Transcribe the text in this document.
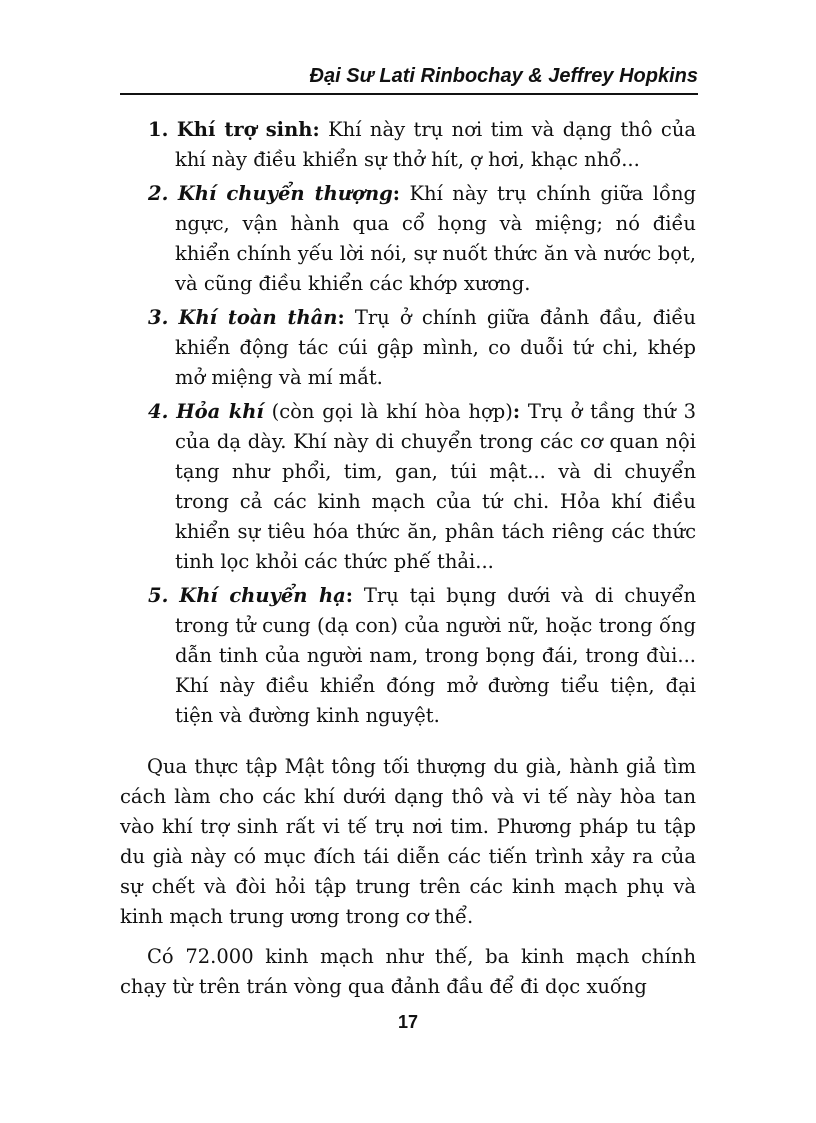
Đại Sư Lati Rinbochay & Jeffrey Hopkins

1. Khí trợ sinh: Khí này trụ nơi tim và dạng thô của khí này điều khiển sự thở hít, ợ hơi, khạc nhổ...

2. Khí chuyển thượng: Khí này trụ chính giữa lồng ngực, vận hành qua cổ họng và miệng; nó điều khiển chính yếu lời nói, sự nuốt thức ăn và nước bọt, và cũng điều khiển các khớp xương.

3. Khí toàn thân: Trụ ở chính giữa đảnh đầu, điều khiển động tác cúi gập mình, co duỗi tứ chi, khép mở miệng và mí mắt.

4. Hỏa khí (còn gọi là khí hòa hợp): Trụ ở tầng thứ 3 của dạ dày. Khí này di chuyển trong các cơ quan nội tạng như phổi, tim, gan, túi mật... và di chuyển trong cả các kinh mạch của tứ chi. Hỏa khí điều khiển sự tiêu hóa thức ăn, phân tách riêng các thức tinh lọc khỏi các thức phế thải...

5. Khí chuyển hạ: Trụ tại bụng dưới và di chuyển trong tử cung (dạ con) của người nữ, hoặc trong ống dẫn tinh của người nam, trong bọng đái, trong đùi... Khí này điều khiển đóng mở đường tiểu tiện, đại tiện và đường kinh nguyệt.

Qua thực tập Mật tông tối thượng du già, hành giả tìm cách làm cho các khí dưới dạng thô và vi tế này hòa tan vào khí trợ sinh rất vi tế trụ nơi tim. Phương pháp tu tập du già này có mục đích tái diễn các tiến trình xảy ra của sự chết và đòi hỏi tập trung trên các kinh mạch phụ và kinh mạch trung ương trong cơ thể.

Có 72.000 kinh mạch như thế, ba kinh mạch chính chạy từ trên trán vòng qua đảnh đầu để đi dọc xuống

17
